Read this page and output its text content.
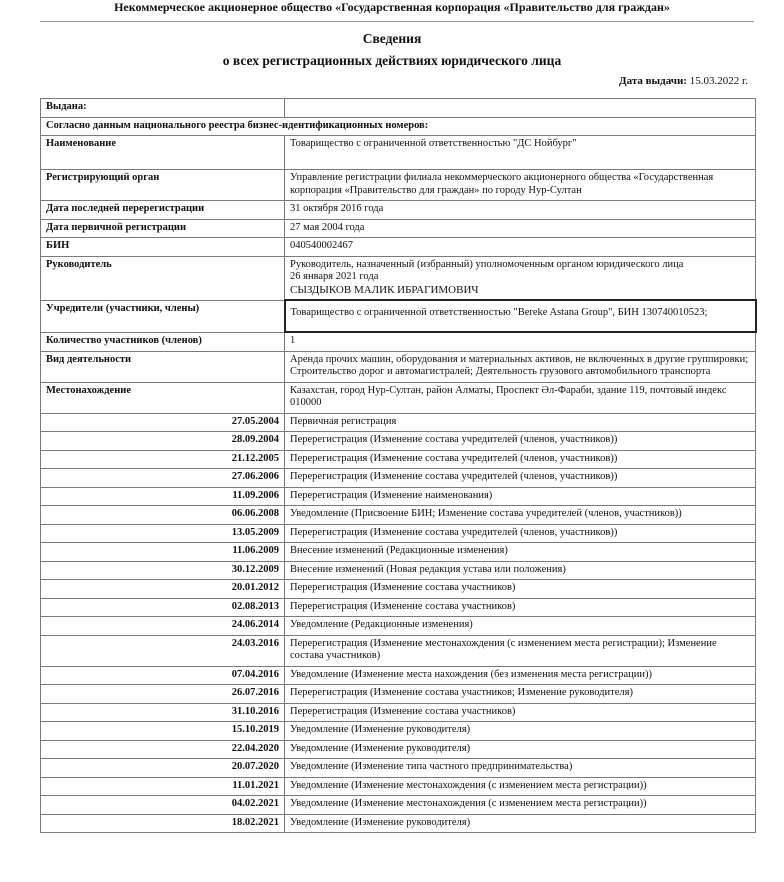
Некоммерческое акционерное общество «Государственная корпорация «Правительство для граждан»
Сведения
о всех регистрационных действиях юридического лица
Дата выдачи: 15.03.2022 г.
Выдана:	
Согласно данным национального реестра бизнес-идентификационных номеров:	
Наименование	Товарищество с ограниченной ответственностью "ДС Нойбург"
Регистрирующий орган	Управление регистрации филиала некоммерческого акционерного общества «Государственная корпорация «Правительство для граждан» по городу Нур-Султан
Дата последней перерегистрации	31 октября 2016 года
Дата первичной регистрации	27 мая 2004 года
БИН	040540002467
Руководитель	Руководитель, назначенный (избранный) уполномоченным органом юридического лица
26 января 2021 года
СЫЗДЫКОВ МАЛИК ИБРАГИМОВИЧ

Учредители (участники, члены)	Товарищество с ограниченной ответственностью "Bereke Astana Group", БИН 130740010523;
Количество участников (членов)	1
Вид деятельности	Аренда прочих машин, оборудования и материальных активов, не включенных в другие группировки; Строительство дорог и автомагистралей; Деятельность грузового автомобильного транспорта
Местонахождение	Казахстан, город Нур-Султан, район Алматы, Проспект Әл-Фараби, здание 119, почтовый индекс 010000
27.05.2004	Первичная регистрация
28.09.2004	Перерегистрация (Изменение состава учредителей (членов, участников))
21.12.2005	Перерегистрация (Изменение состава учредителей (членов, участников))
27.06.2006	Перерегистрация (Изменение состава учредителей (членов, участников))
11.09.2006	Перерегистрация (Изменение наименования)
06.06.2008	Уведомление (Присвоение БИН; Изменение состава учредителей (членов, участников))
13.05.2009	Перерегистрация (Изменение состава учредителей (членов, участников))
11.06.2009	Внесение изменений (Редакционные изменения)
30.12.2009	Внесение изменений (Новая редакция устава или положения)
20.01.2012	Перерегистрация (Изменение состава участников)
02.08.2013	Перерегистрация (Изменение состава участников)
24.06.2014	Уведомление (Редакционные изменения)
24.03.2016	Перерегистрация (Изменение местонахождения (с изменением места регистрации); Изменение состава участников)
07.04.2016	Уведомление (Изменение места нахождения (без изменения места регистрации))
26.07.2016	Перерегистрация (Изменение состава участников; Изменение руководителя)
31.10.2016	Перерегистрация (Изменение состава участников)
15.10.2019	Уведомление (Изменение руководителя)
22.04.2020	Уведомление (Изменение руководителя)
20.07.2020	Уведомление (Изменение типа частного предпринимательства)
11.01.2021	Уведомление (Изменение местонахождения (с изменением места регистрации))
04.02.2021	Уведомление (Изменение местонахождения (с изменением места регистрации))
18.02.2021	Уведомление (Изменение руководителя)
